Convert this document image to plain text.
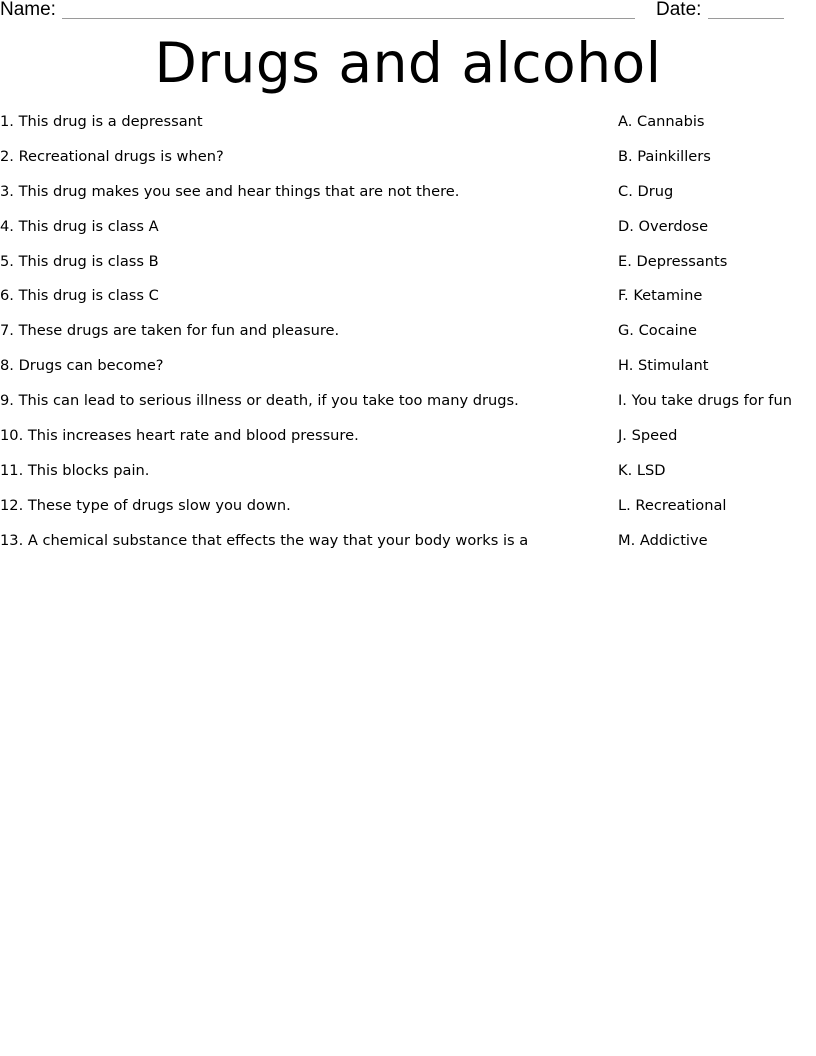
Name:	Date:
Drugs and alcohol
1. This drug is a depressant
2. Recreational drugs is when?
3. This drug makes you see and hear things that are not there.
4. This drug is class A
5. This drug is class B
6. This drug is class C
7. These drugs are taken for fun and pleasure.
8. Drugs can become?
9. This can lead to serious illness or death, if you take too many drugs.
10. This increases heart rate and blood pressure.
11. This blocks pain.
12. These type of drugs slow you down.
13. A chemical substance that effects the way that your body works is a
A. Cannabis
B. Painkillers
C. Drug
D. Overdose
E. Depressants
F. Ketamine
G. Cocaine
H. Stimulant
I. You take drugs for fun
J. Speed
K. LSD
L. Recreational
M. Addictive
